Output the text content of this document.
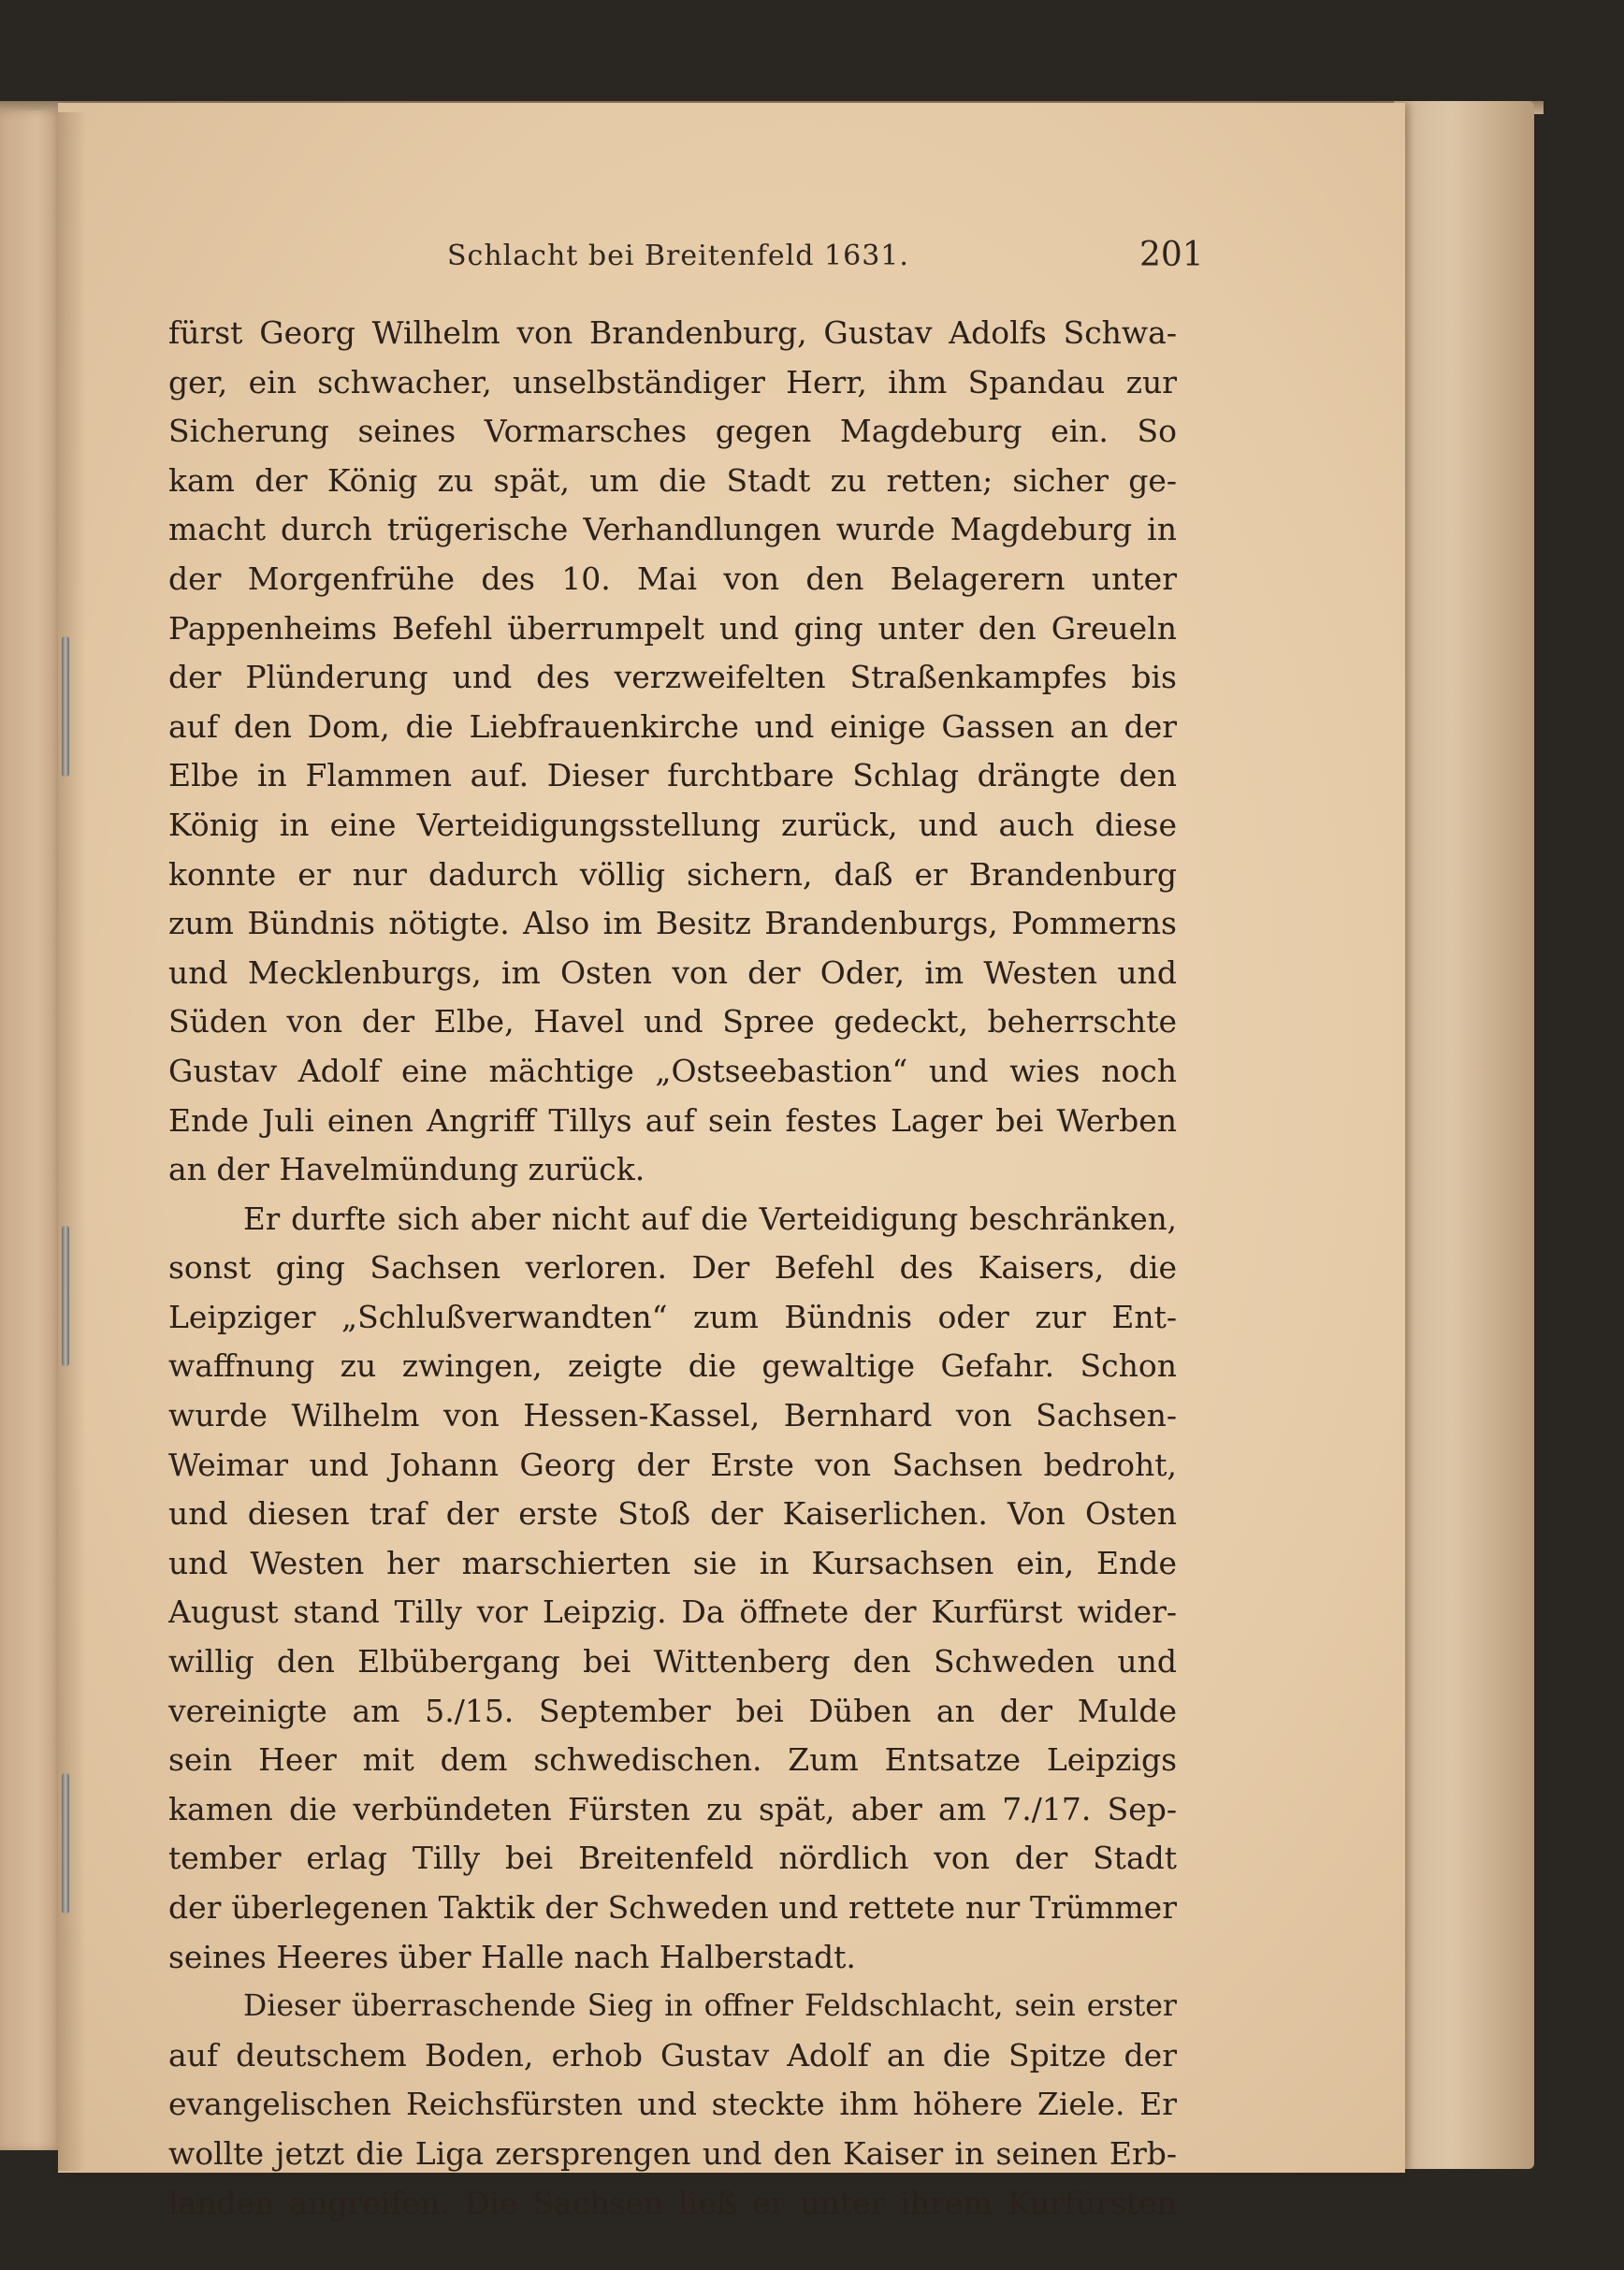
Schlacht bei Breitenfeld 1631.	201
fürst Georg Wilhelm von Brandenburg, Gustav Adolfs Schwa-
ger, ein schwacher, unselbständiger Herr, ihm Spandau zur
Sicherung seines Vormarsches gegen Magdeburg ein. So
kam der König zu spät, um die Stadt zu retten; sicher ge-
macht durch trügerische Verhandlungen wurde Magdeburg in
der Morgenfrühe des 10. Mai von den Belagerern unter
Pappenheims Befehl überrumpelt und ging unter den Greueln
der Plünderung und des verzweifelten Straßenkampfes bis
auf den Dom, die Liebfrauenkirche und einige Gassen an der
Elbe in Flammen auf. Dieser furchtbare Schlag drängte den
König in eine Verteidigungsstellung zurück, und auch diese
konnte er nur dadurch völlig sichern, daß er Brandenburg
zum Bündnis nötigte. Also im Besitz Brandenburgs, Pommerns
und Mecklenburgs, im Osten von der Oder, im Westen und
Süden von der Elbe, Havel und Spree gedeckt, beherrschte
Gustav Adolf eine mächtige „Ostseebastion“ und wies noch
Ende Juli einen Angriff Tillys auf sein festes Lager bei Werben
an der Havelmündung zurück.
Er durfte sich aber nicht auf die Verteidigung beschränken,
sonst ging Sachsen verloren. Der Befehl des Kaisers, die
Leipziger „Schlußverwandten“ zum Bündnis oder zur Ent-
waffnung zu zwingen, zeigte die gewaltige Gefahr. Schon
wurde Wilhelm von Hessen-Kassel, Bernhard von Sachsen-
Weimar und Johann Georg der Erste von Sachsen bedroht,
und diesen traf der erste Stoß der Kaiserlichen. Von Osten
und Westen her marschierten sie in Kursachsen ein, Ende
August stand Tilly vor Leipzig. Da öffnete der Kurfürst wider-
willig den Elbübergang bei Wittenberg den Schweden und
vereinigte am 5./15. September bei Düben an der Mulde
sein Heer mit dem schwedischen. Zum Entsatze Leipzigs
kamen die verbündeten Fürsten zu spät, aber am 7./17. Sep-
tember erlag Tilly bei Breitenfeld nördlich von der Stadt
der überlegenen Taktik der Schweden und rettete nur Trümmer
seines Heeres über Halle nach Halberstadt.
Dieser überraschende Sieg in offner Feldschlacht, sein erster
auf deutschem Boden, erhob Gustav Adolf an die Spitze der
evangelischen Reichsfürsten und steckte ihm höhere Ziele. Er
wollte jetzt die Liga zersprengen und den Kaiser in seinen Erb-
landen angreifen. Die Sachsen ließ er unter ihrem Kurfürsten
